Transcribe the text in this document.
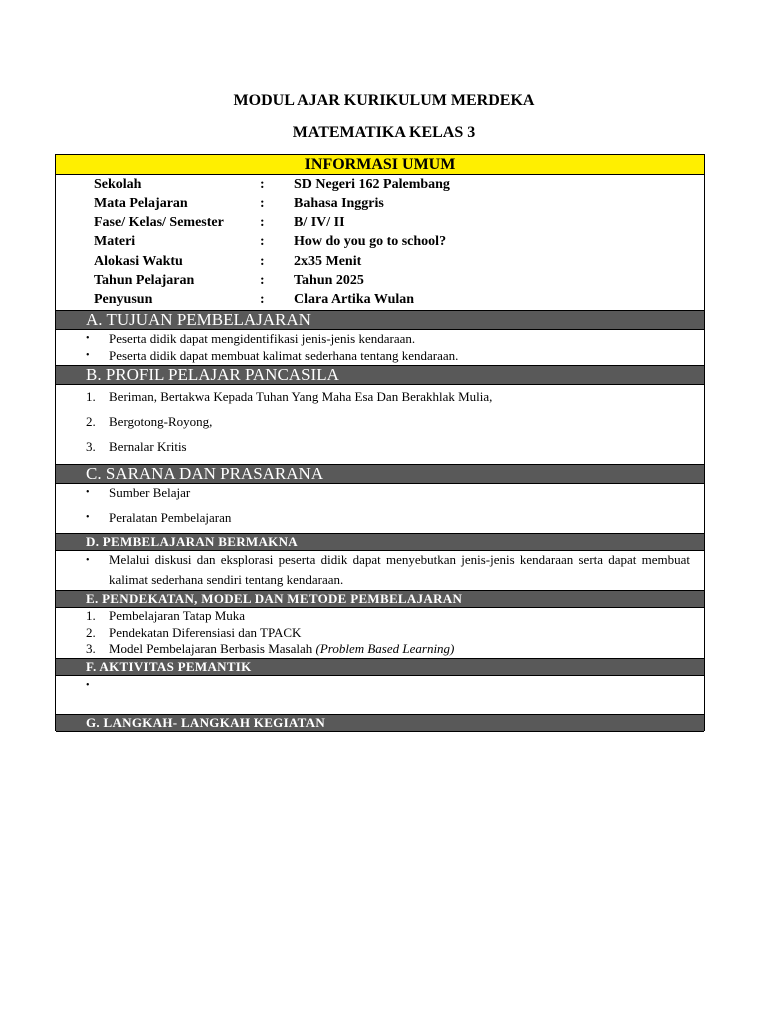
MODUL AJAR KURIKULUM MERDEKA
MATEMATIKA KELAS 3
INFORMASI UMUM
Sekolah	: SD Negeri 162 Palembang
Mata Pelajaran	: Bahasa Inggris
Fase/ Kelas/ Semester	: B/ IV/ II
Materi	: How do you go to school?
Alokasi Waktu	: 2x35 Menit
Tahun Pelajaran	: Tahun 2025
Penyusun	: Clara Artika Wulan
A. TUJUAN PEMBELAJARAN
• Peserta didik dapat mengidentifikasi jenis-jenis kendaraan.
• Peserta didik dapat membuat kalimat sederhana tentang kendaraan.
B. PROFIL PELAJAR PANCASILA
1. Beriman, Bertakwa Kepada Tuhan Yang Maha Esa Dan Berakhlak Mulia,
2. Bergotong-Royong,
3. Bernalar Kritis
C. SARANA DAN PRASARANA
• Sumber Belajar
• Peralatan Pembelajaran
D. PEMBELAJARAN BERMAKNA
• Melalui diskusi dan eksplorasi peserta didik dapat menyebutkan jenis-jenis kendaraan serta dapat membuat kalimat sederhana sendiri tentang kendaraan.
E. PENDEKATAN, MODEL DAN METODE PEMBELAJARAN
1. Pembelajaran Tatap Muka
2. Pendekatan Diferensiasi dan TPACK
3. Model Pembelajaran Berbasis Masalah (Problem Based Learning)
F. AKTIVITAS PEMANTIK
•
G. LANGKAH- LANGKAH KEGIATAN
